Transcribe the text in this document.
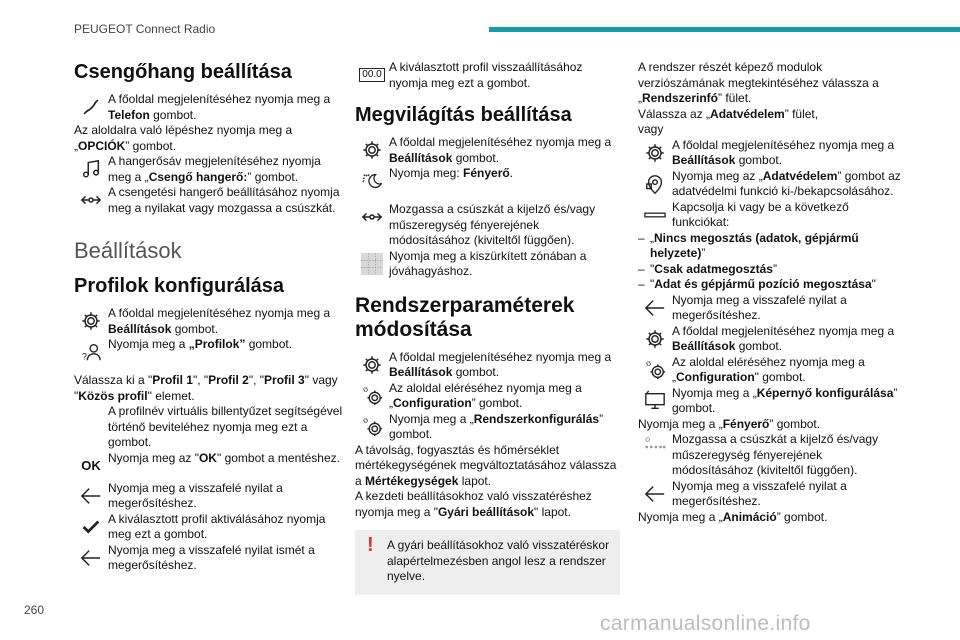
PEUGEOT Connect Radio
Csengőhang beállítása
A főoldal megjelenítéséhez nyomja meg a Telefon gombot.

Az aloldalra való lépéshez nyomja meg a „OPCIÓK” gombot.

A hangerősáv megjelenítéséhez nyomja meg a „Csengő hangerő:” gombot.
A csengetési hangerő beállításához nyomja meg a nyilakat vagy mozgassa a csúszkát.
Beállítások
Profilok konfigurálása
A főoldal megjelenítéséhez nyomja meg a Beállítások gombot.
Nyomja meg a „Profilok” gombot.

Válassza ki a "Profil 1", "Profil 2", "Profil 3" vagy "Közös profil" elemet.

A profilnév virtuális billentyűzet segítségével történő beviteléhez nyomja meg ezt a gombot.
OK
Nyomja meg az "OK" gombot a mentéshez.
Nyomja meg a visszafelé nyilat a megerősítéshez.
A kiválasztott profil aktiválásához nyomja meg ezt a gombot.
Nyomja meg a visszafelé nyilat ismét a megerősítéshez.
00.0
A kiválasztott profil visszaállításához nyomja meg ezt a gombot.
Megvilágítás beállítása
A főoldal megjelenítéséhez nyomja meg a Beállítások gombot.
Nyomja meg: Fényerő.
Mozgassa a csúszkát a kijelző és/vagy műszeregység fényerejének módosításához (kiviteltől függően).
Nyomja meg a kiszürkített zónában a jóváhagyáshoz.
Rendszerparaméterek módosítása
A főoldal megjelenítéséhez nyomja meg a Beállítások gombot.
Az aloldal eléréséhez nyomja meg a „Configuration” gombot.
Nyomja meg a „Rendszerkonfigurálás” gombot.

A távolság, fogyasztás és hőmérséklet mértékegységének megváltoztatásához válassza a Mértékegységek lapot.

A kezdeti beállításokhoz való visszatéréshez nyomja meg a "Gyári beállítások" lapot.

!	A gyári beállításokhoz való visszatéréskor alapértelmezésben angol lesz a rendszer nyelve.

A rendszer részét képező modulok verziószámának megtekintéséhez válassza a „Rendszerinfó” fület.

Válassza az „Adatvédelem” fület,

vagy

A főoldal megjelenítéséhez nyomja meg a Beállítások gombot.
Nyomja meg az „Adatvédelem” gombot az adatvédelmi funkció ki-/bekapcsolásához.
Kapcsolja ki vagy be a következő funkciókat:
– „Nincs megosztás (adatok, gépjármű helyzete)”
– "Csak adatmegosztás”
– "Adat és gépjármű pozíció megosztása"
Nyomja meg a visszafelé nyilat a megerősítéshez.
A főoldal megjelenítéséhez nyomja meg a Beállítások gombot.
Az aloldal eléréséhez nyomja meg a „Configuration" gombot.
Nyomja meg a „Képernyő konfigurálása” gombot.

Nyomja meg a „Fényerő” gombot.

Mozgassa a csúszkát a kijelző és/vagy műszeregység fényerejének módosításához (kiviteltől függően).
Nyomja meg a visszafelé nyilat a megerősítéshez.

Nyomja meg a „Animáció” gombot.

260
carmanualsonline.info
